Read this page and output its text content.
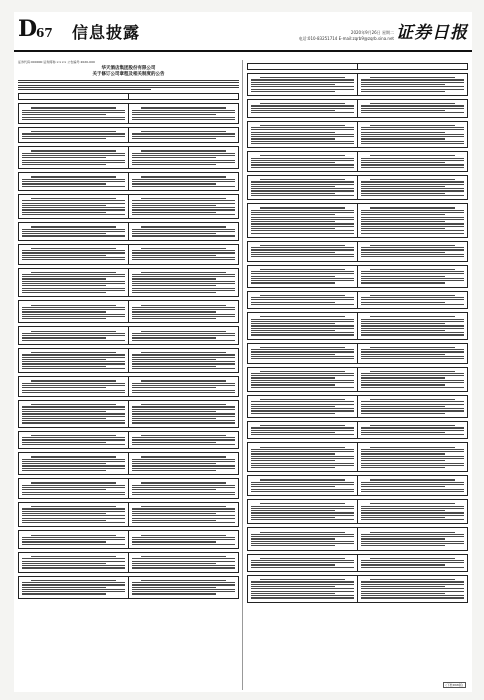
D
67 信息披露	2020年9月26日 星期二
电话:010-83251714 E-mail:zqrb9@zqrb.sina.net 证券日报
证券代码:000000 证券简称:×××× 公告编号:2020-000
华天酒店集团股份有限公司
关于修订公司章程及相关制度的公告
(下转D68版)
